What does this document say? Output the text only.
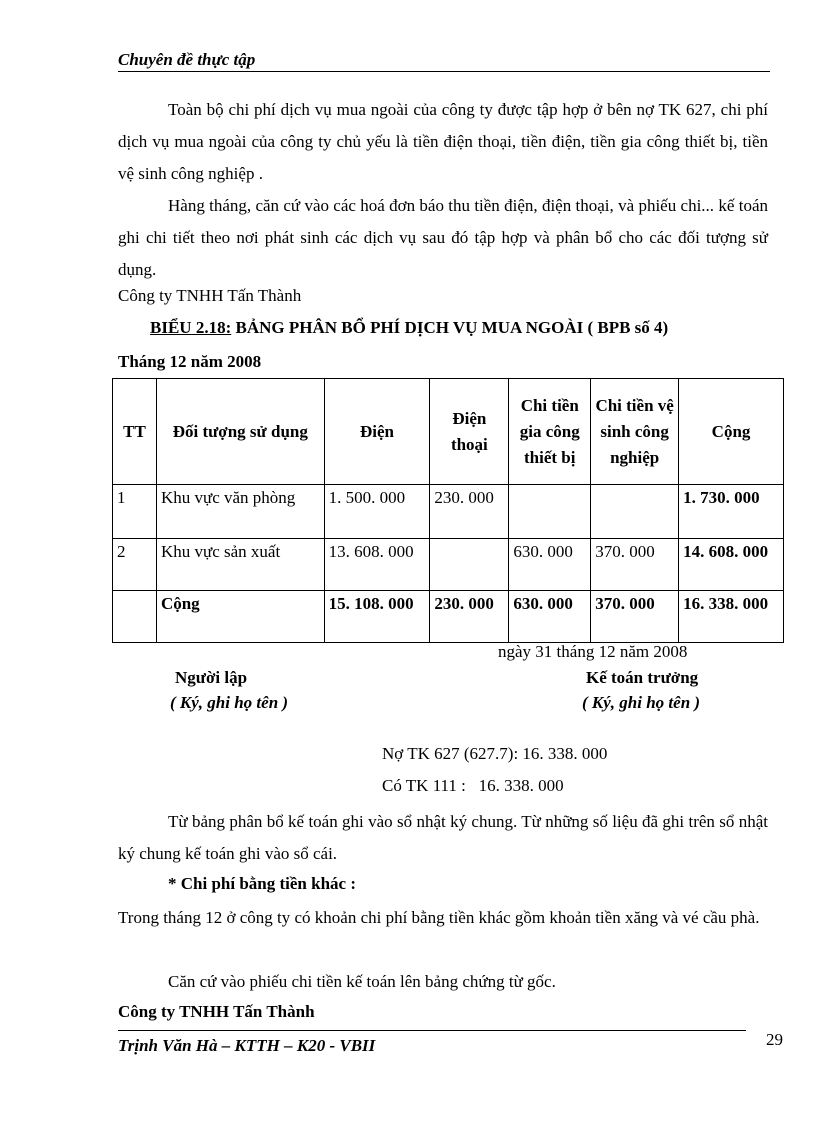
Chuyên đề thực tập
Toàn bộ chi phí dịch vụ mua ngoài của công ty được tập hợp ở bên nợ TK 627, chi phí dịch vụ mua ngoài của công ty chủ yếu là tiền điện thoại, tiền điện, tiền gia công thiết bị, tiền vệ sinh công nghiệp .
Hàng tháng, căn cứ vào các hoá đơn báo thu tiền điện, điện thoại, và phiếu chi... kế toán ghi chi tiết theo nơi phát sinh các dịch vụ sau đó tập hợp và phân bổ cho các đối tượng sử dụng.
Công ty TNHH Tấn Thành
BIỂU 2.18: BẢNG PHÂN BỔ PHÍ DỊCH VỤ MUA NGOÀI ( BPB số 4)
Tháng 12 năm 2008
TT	Đối tượng sử dụng	Điện	Điện thoại	Chi tiền gia công thiết bị	Chi tiền vệ sinh công nghiệp	Cộng
1	Khu vực văn phòng	1. 500. 000	230. 000			1. 730. 000
2	Khu vực sản xuất	13. 608. 000		630. 000	370. 000	14. 608. 000
	Cộng	15. 108. 000	230. 000	630. 000	370. 000	16. 338. 000
ngày 31 tháng 12 năm 2008
Người lập	Kế toán trưởng
( Ký, ghi họ tên )	( Ký, ghi họ tên )
Nợ TK 627 (627.7): 16. 338. 000
Có TK 111 :   16. 338. 000
Từ bảng phân bổ kế toán ghi vào sổ nhật ký chung. Từ những số liệu đã ghi trên sổ nhật ký chung kế toán ghi vào sổ cái.
* Chi phí bằng tiền khác :
Trong tháng 12 ở công ty có khoản chi phí bằng tiền khác gồm khoản tiền xăng và vé cầu phà.
Căn cứ vào phiếu chi tiền kế toán lên bảng chứng từ gốc.
Công ty TNHH Tấn Thành
Trịnh Văn Hà – KTTH – K20 - VBII	29
